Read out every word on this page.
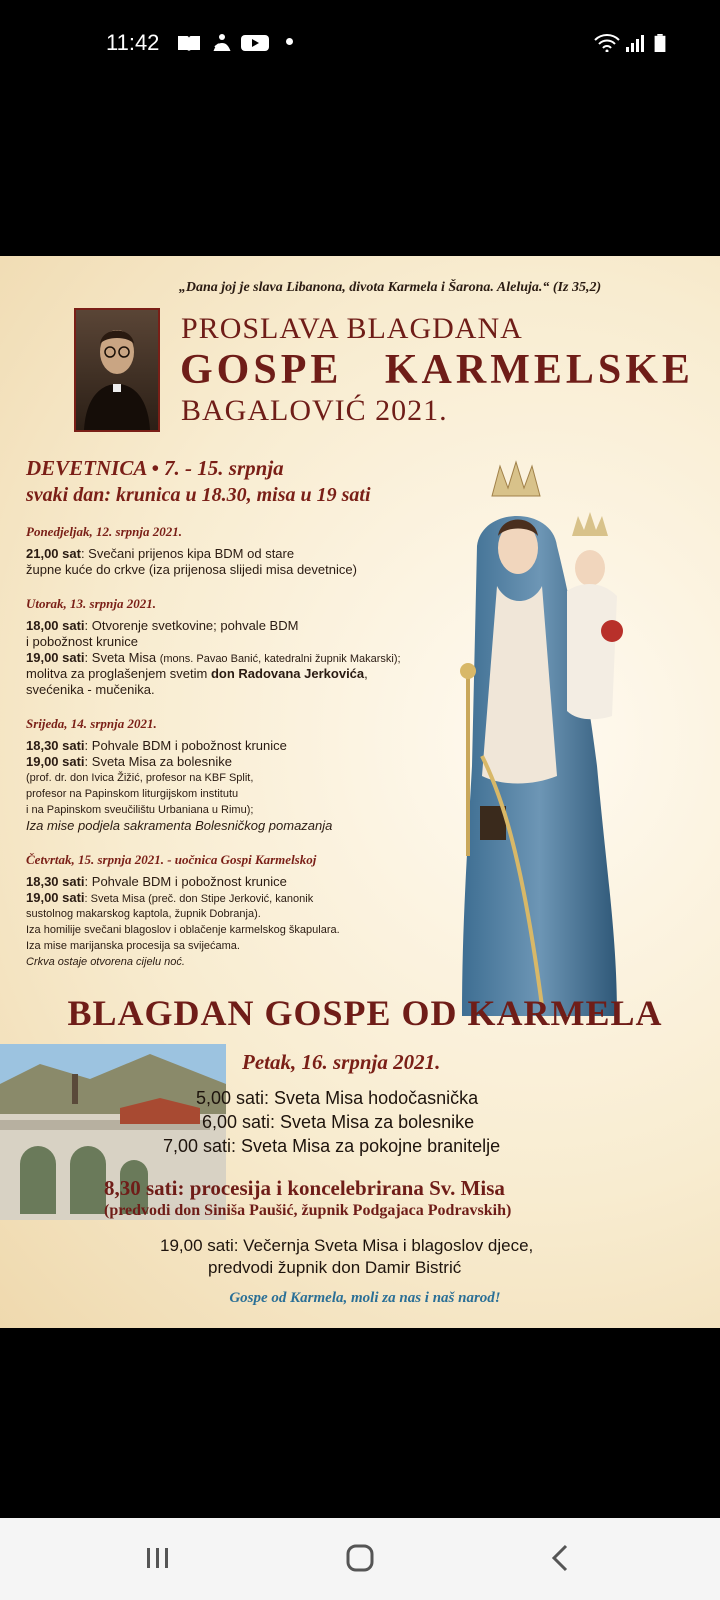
11:42
„Dana joj je slava Libanona, divota Karmela i Šarona. Aleluja.“ (Iz 35,2)
PROSLAVA BLAGDANA
GOSPE KARMELSKE
BAGALOVIĆ 2021.
DEVETNICA • 7. - 15. srpnja
svaki dan: krunica u 18.30, misa u 19 sati
Ponedjeljak, 12. srpnja 2021.
21,00 sat: Svečani prijenos kipa BDM od stare
župne kuće do crkve (iza prijenosa slijedi misa devetnice)
Utorak, 13. srpnja 2021.
18,00 sati: Otvorenje svetkovine; pohvale BDM
i pobožnost krunice
19,00 sati: Sveta Misa (mons. Pavao Banić, katedralni župnik Makarski);
molitva za proglašenjem svetim don Radovana Jerkovića,
svećenika - mučenika.
Srijeda, 14. srpnja 2021.
18,30 sati: Pohvale BDM i pobožnost krunice
19,00 sati: Sveta Misa za bolesnike
(prof. dr. don Ivica Žižić, profesor na KBF Split,
profesor na Papinskom liturgijskom institutu
i na Papinskom sveučilištu Urbaniana u Rimu);
Iza mise podjela sakramenta Bolesničkog pomazanja
Četvrtak, 15. srpnja 2021. - uočnica Gospi Karmelskoj
18,30 sati: Pohvale BDM i pobožnost krunice
19,00 sati: Sveta Misa (preč. don Stipe Jerković, kanonik
sustolnog makarskog kaptola, župnik Dobranja).
Iza homilije svečani blagoslov i oblačenje karmelskog škapulara.
Iza mise marijanska procesija sa svijećama.
Crkva ostaje otvorena cijelu noć.
BLAGDAN GOSPE OD KARMELA
Petak, 16. srpnja 2021.
5,00 sati: Sveta Misa hodočasnička
6,00 sati: Sveta Misa za bolesnike
7,00 sati: Sveta Misa za pokojne branitelje
8,30 sati: procesija i koncelebrirana Sv. Misa
(predvodi don Siniša Paušić, župnik Podgajaca Podravskih)
19,00 sati: Večernja Sveta Misa i blagoslov djece,
predvodi župnik don Damir Bistrić
Gospe od Karmela, moli za nas i naš narod!
